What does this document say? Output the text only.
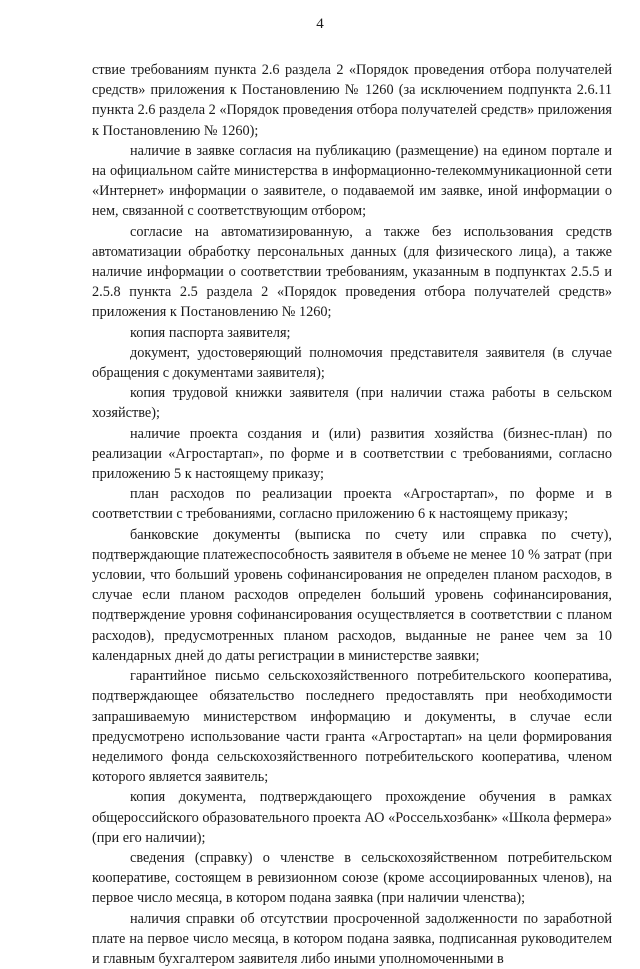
4

ствие требованиям пункта 2.6 раздела 2 «Порядок проведения отбора получателей средств» приложения к Постановлению № 1260 (за исключением подпункта 2.6.11 пункта 2.6 раздела 2 «Порядок проведения отбора получателей средств» приложения к Постановлению № 1260);

наличие в заявке согласия на публикацию (размещение) на едином портале и на официальном сайте министерства в информационно-телекоммуникационной сети «Интернет» информации о заявителе, о подаваемой им заявке, иной информации о нем, связанной с соответствующим отбором;

согласие на автоматизированную, а также без использования средств автоматизации обработку персональных данных (для физического лица), а также наличие информации о соответствии требованиям, указанным в подпунктах 2.5.5 и 2.5.8 пункта 2.5 раздела 2 «Порядок проведения отбора получателей средств» приложения к Постановлению № 1260;

копия паспорта заявителя;

документ, удостоверяющий полномочия представителя заявителя (в случае обращения с документами заявителя);

копия трудовой книжки заявителя (при наличии стажа работы в сельском хозяйстве);

наличие проекта создания и (или) развития хозяйства (бизнес-план) по реализации «Агростартап», по форме и в соответствии с требованиями, согласно приложению 5 к настоящему приказу;

план расходов по реализации проекта «Агростартап», по форме и в соответствии с требованиями, согласно приложению 6 к настоящему приказу;

банковские документы (выписка по счету или справка по счету), подтверждающие платежеспособность заявителя в объеме не менее 10 % затрат (при условии, что больший уровень софинансирования не определен планом расходов, в случае если планом расходов определен больший уровень софинансирования, подтверждение уровня софинансирования осуществляется в соответствии с планом расходов), предусмотренных планом расходов, выданные не ранее чем за 10 календарных дней до даты регистрации в министерстве заявки;

гарантийное письмо сельскохозяйственного потребительского кооператива, подтверждающее обязательство последнего предоставлять при необходимости запрашиваемую министерством информацию и документы, в случае если предусмотрено использование части гранта «Агростартап» на цели формирования неделимого фонда сельскохозяйственного потребительского кооператива, членом которого является заявитель;

копия документа, подтверждающего прохождение обучения в рамках общероссийского образовательного проекта АО «Россельхозбанк» «Школа фермера» (при его наличии);

сведения (справку) о членстве в сельскохозяйственном потребительском кооперативе, состоящем в ревизионном союзе (кроме ассоциированных членов), на первое число месяца, в котором подана заявка (при наличии членства);

наличия справки об отсутствии просроченной задолженности по заработной плате на первое число месяца, в котором подана заявка, подписанная руководителем и главным бухгалтером заявителя либо иными уполномоченными в
